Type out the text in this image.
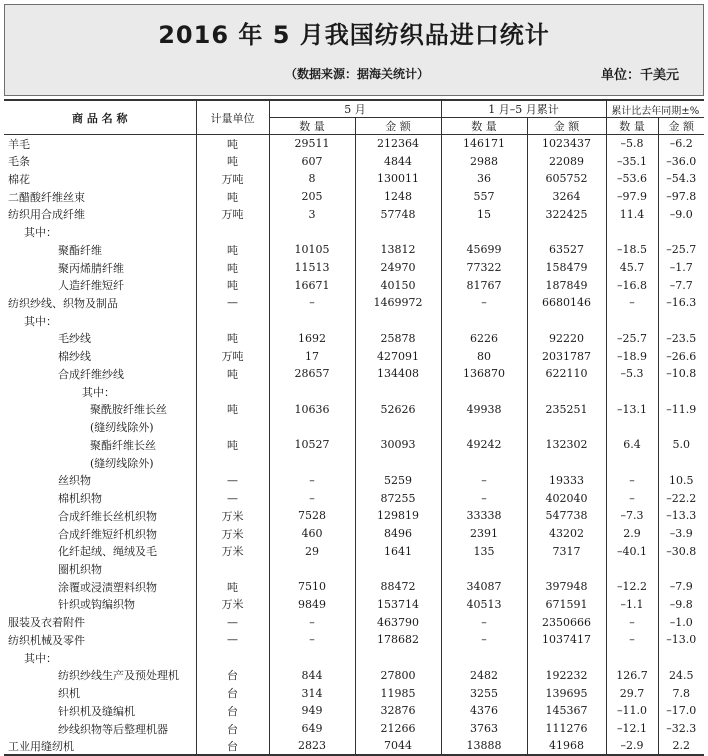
2016 年 5 月我国纺织品进口统计
（数据来源：据海关统计）	单位：千美元
商 品 名 称	计量单位	5 月		1 月–5 月累计		累计比去年同期±%	
		数 量	金 额	数 量	金 额	数 量	金 额
羊毛	吨	29511	212364	146171	1023437	–5.8	–6.2
毛条	吨	607	4844	2988	22089	–35.1	–36.0
棉花	万吨	8	130011	36	605752	–53.6	–54.3
二醋酸纤维丝束	吨	205	1248	557	3264	–97.9	–97.8
纺织用合成纤维	万吨	3	57748	15	322425	11.4	–9.0
其中：							
聚酯纤维	吨	10105	13812	45699	63527	–18.5	–25.7
聚丙烯腈纤维	吨	11513	24970	77322	158479	45.7	–1.7
人造纤维短纤	吨	16671	40150	81767	187849	–16.8	–7.7
纺织纱线、织物及制品	—	–	1469972	–	6680146	–	–16.3
其中：							
毛纱线	吨	1692	25878	6226	92220	–25.7	–23.5
棉纱线	万吨	17	427091	80	2031787	–18.9	–26.6
合成纤维纱线	吨	28657	134408	136870	622110	–5.3	–10.8
其中：							
聚酰胺纤维长丝	吨	10636	52626	49938	235251	–13.1	–11.9
(缝纫线除外)							
聚酯纤维长丝	吨	10527	30093	49242	132302	6.4	5.0
(缝纫线除外)							
丝织物	—	–	5259	–	19333	–	10.5
棉机织物	—	–	87255	–	402040	–	–22.2
合成纤维长丝机织物	万米	7528	129819	33338	547738	–7.3	–13.3
合成纤维短纤机织物	万米	460	8496	2391	43202	2.9	–3.9
化纤起绒、绳绒及毛	万米	29	1641	135	7317	–40.1	–30.8
圈机织物							
涂覆或浸渍塑料织物	吨	7510	88472	34087	397948	–12.2	–7.9
针织或钩编织物	万米	9849	153714	40513	671591	–1.1	–9.8
服装及衣着附件	—	–	463790	–	2350666	–	–1.0
纺织机械及零件	—	–	178682	–	1037417	–	–13.0
其中：							
纺织纱线生产及预处理机	台	844	27800	2482	192232	126.7	24.5
织机	台	314	11985	3255	139695	29.7	7.8
针织机及缝编机	台	949	32876	4376	145367	–11.0	–17.0
纱线织物等后整理机器	台	649	21266	3763	111276	–12.1	–32.3
工业用缝纫机	台	2823	7044	13888	41968	–2.9	2.2
